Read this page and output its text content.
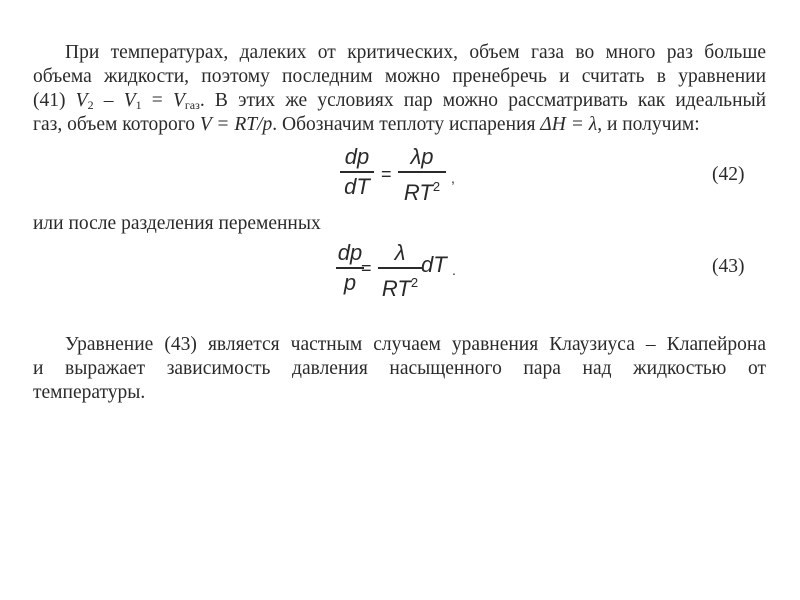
При температурах, далеких от критических, объем газа во много раз больше
объема жидкости, поэтому последним можно пренебречь и считать в уравнении
(41) $V_2 - V_1 = V_{газ}$. В этих же условиях пар можно рассматривать как идеальный
газ, объем которого V = RT/p. Обозначим теплоту испарения ΔH = λ, и получим:

dp
dT =
λp
$RT^2$ ,	(42)

или после разделения переменных

dp
p
=
λ
$RT^2$
dT .	(43)

Уравнение (43) является частным случаем уравнения Клаузиуса – Клапейрона
и выражает зависимость давления насыщенного пара над жидкостью от
температуры.
